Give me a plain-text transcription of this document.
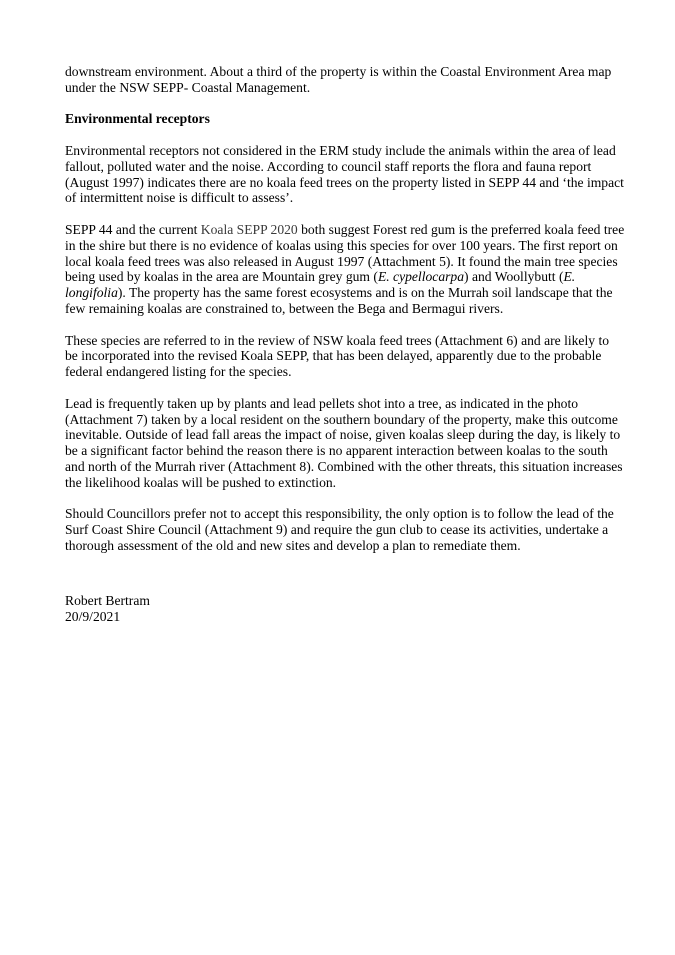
downstream environment. About a third of the property is within the Coastal Environment Area map under the NSW SEPP- Coastal Management.

Environmental receptors

Environmental receptors not considered in the ERM study include the animals within the area of lead fallout, polluted water and the noise. According to council staff reports the flora and fauna report (August 1997) indicates there are no koala feed trees on the property listed in SEPP 44 and ‘the impact of intermittent noise is difficult to assess’.

SEPP 44 and the current Koala SEPP 2020 both suggest Forest red gum is the preferred koala feed tree in the shire but there is no evidence of koalas using this species for over 100 years. The first report on local koala feed trees was also released in August 1997 (Attachment 5). It found the main tree species being used by koalas in the area are Mountain grey gum (E. cypellocarpa) and Woollybutt (E. longifolia). The property has the same forest ecosystems and is on the Murrah soil landscape that the few remaining koalas are constrained to, between the Bega and Bermagui rivers.

These species are referred to in the review of NSW koala feed trees (Attachment 6) and are likely to be incorporated into the revised Koala SEPP, that has been delayed, apparently due to the probable federal endangered listing for the species.

Lead is frequently taken up by plants and lead pellets shot into a tree, as indicated in the photo (Attachment 7) taken by a local resident on the southern boundary of the property, make this outcome inevitable. Outside of lead fall areas the impact of noise, given koalas sleep during the day, is likely to be a significant factor behind the reason there is no apparent interaction between koalas to the south and north of the Murrah river (Attachment 8). Combined with the other threats, this situation increases the likelihood koalas will be pushed to extinction.

Should Councillors prefer not to accept this responsibility, the only option is to follow the lead of the Surf Coast Shire Council (Attachment 9) and require the gun club to cease its activities, undertake a thorough assessment of the old and new sites and develop a plan to remediate them.

Robert Bertram
20/9/2021
